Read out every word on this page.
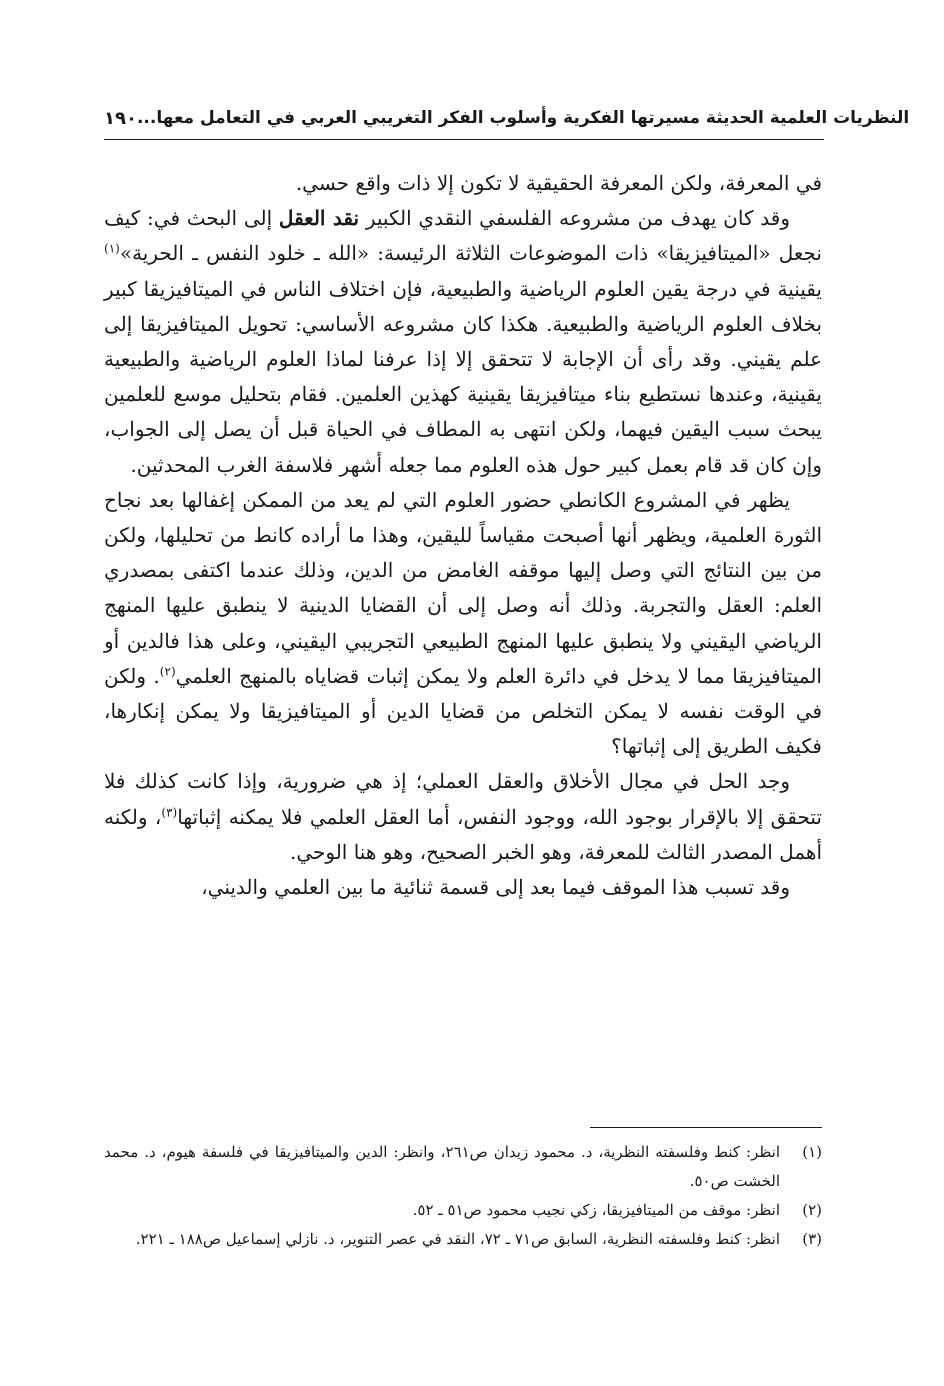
١٩٠ النظريات العلمية الحديثة مسيرتها الفكرية وأسلوب الفكر التغريبي العربي في التعامل معها...

في المعرفة، ولكن المعرفة الحقيقية لا تكون إلا ذات واقع حسي.

وقد كان يهدف من مشروعه الفلسفي النقدي الكبير نقد العقل إلى البحث في: كيف نجعل «الميتافيزيقا» ذات الموضوعات الثلاثة الرئيسة: «الله ـ خلود النفس ـ الحرية»$^{(١)}$ يقينية في درجة يقين العلوم الرياضية والطبيعية، فإن اختلاف الناس في الميتافيزيقا كبير بخلاف العلوم الرياضية والطبيعية. هكذا كان مشروعه الأساسي: تحويل الميتافيزيقا إلى علم يقيني. وقد رأى أن الإجابة لا تتحقق إلا إذا عرفنا لماذا العلوم الرياضية والطبيعية يقينية، وعندها نستطيع بناء ميتافيزيقا يقينية كهذين العلمين. فقام بتحليل موسع للعلمين يبحث سبب اليقين فيهما، ولكن انتهى به المطاف في الحياة قبل أن يصل إلى الجواب، وإن كان قد قام بعمل كبير حول هذه العلوم مما جعله أشهر فلاسفة الغرب المحدثين.

يظهر في المشروع الكانطي حضور العلوم التي لم يعد من الممكن إغفالها بعد نجاح الثورة العلمية، ويظهر أنها أصبحت مقياساً لليقين، وهذا ما أراده كانط من تحليلها، ولكن من بين النتائج التي وصل إليها موقفه الغامض من الدين، وذلك عندما اكتفى بمصدري العلم: العقل والتجربة. وذلك أنه وصل إلى أن القضايا الدينية لا ينطبق عليها المنهج الرياضي اليقيني ولا ينطبق عليها المنهج الطبيعي التجريبي اليقيني، وعلى هذا فالدين أو الميتافيزيقا مما لا يدخل في دائرة العلم ولا يمكن إثبات قضاياه بالمنهج العلمي$^{(٢)}$. ولكن في الوقت نفسه لا يمكن التخلص من قضايا الدين أو الميتافيزيقا ولا يمكن إنكارها، فكيف الطريق إلى إثباتها؟

وجد الحل في مجال الأخلاق والعقل العملي؛ إذ هي ضرورية، وإذا كانت كذلك فلا تتحقق إلا بالإقرار بوجود الله، ووجود النفس، أما العقل العلمي فلا يمكنه إثباتها$^{(٣)}$، ولكنه أهمل المصدر الثالث للمعرفة، وهو الخبر الصحيح، وهو هنا الوحي.

وقد تسبب هذا الموقف فيما بعد إلى قسمة ثنائية ما بين العلمي والديني،

(١)
انظر: كنط وفلسفته النظرية، د. محمود زيدان ص٢٦١، وانظر: الدين والميتافيزيقا في فلسفة هيوم، د. محمد الخشت ص٥٠.
(٢)
انظر: موقف من الميتافيزيقا، زكي نجيب محمود ص٥١ ـ ٥٢.
(٣)
انظر: كنط وفلسفته النظرية، السابق ص٧١ ـ ٧٢، النقد في عصر التنوير، د. نازلي إسماعيل ص١٨٨ ـ ٢٢١.
